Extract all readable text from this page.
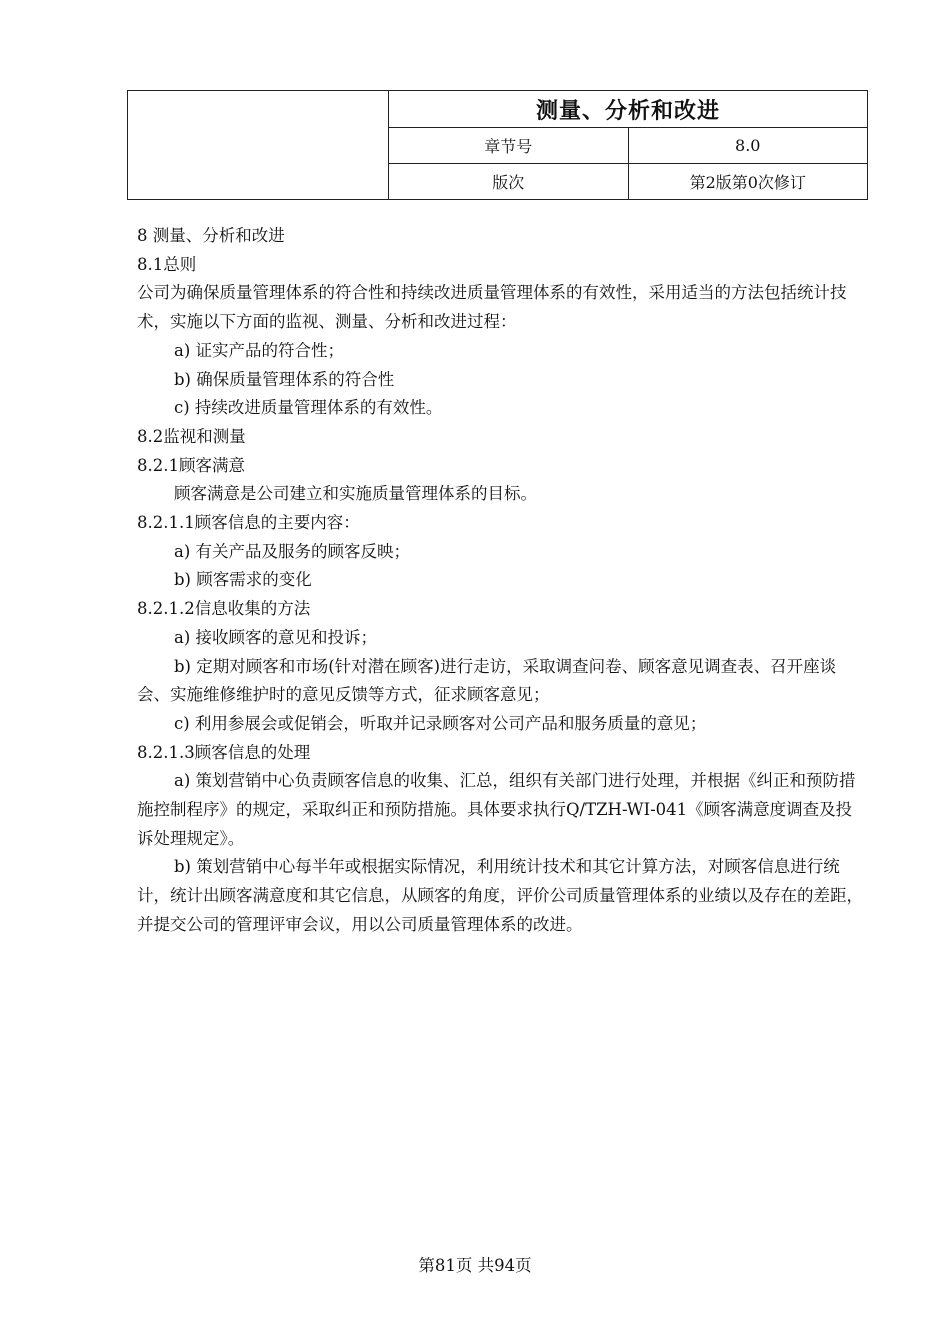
	测量、分析和改进	
	章节号	8.0
	版次	第2版第0次修订

8 测量、分析和改进

8.1总则

公司为确保质量管理体系的符合性和持续改进质量管理体系的有效性，采用适当的方法包括统计技术，实施以下方面的监视、测量、分析和改进过程：

a) 证实产品的符合性；

b) 确保质量管理体系的符合性

c) 持续改进质量管理体系的有效性。

8.2监视和测量

8.2.1顾客满意

顾客满意是公司建立和实施质量管理体系的目标。

8.2.1.1顾客信息的主要内容：

a) 有关产品及服务的顾客反映；

b) 顾客需求的变化

8.2.1.2信息收集的方法

a) 接收顾客的意见和投诉；

b) 定期对顾客和市场(针对潜在顾客)进行走访，采取调查问卷、顾客意见调查表、召开座谈会、实施维修维护时的意见反馈等方式，征求顾客意见；

c) 利用参展会或促销会，听取并记录顾客对公司产品和服务质量的意见；

8.2.1.3顾客信息的处理

a) 策划营销中心负责顾客信息的收集、汇总，组织有关部门进行处理，并根据《纠正和预防措施控制程序》的规定，采取纠正和预防措施。具体要求执行Q/TZH-WI-041《顾客满意度调查及投诉处理规定》。

b) 策划营销中心每半年或根据实际情况，利用统计技术和其它计算方法，对顾客信息进行统计，统计出顾客满意度和其它信息，从顾客的角度，评价公司质量管理体系的业绩以及存在的差距，并提交公司的管理评审会议，用以公司质量管理体系的改进。

第81页 共94页
